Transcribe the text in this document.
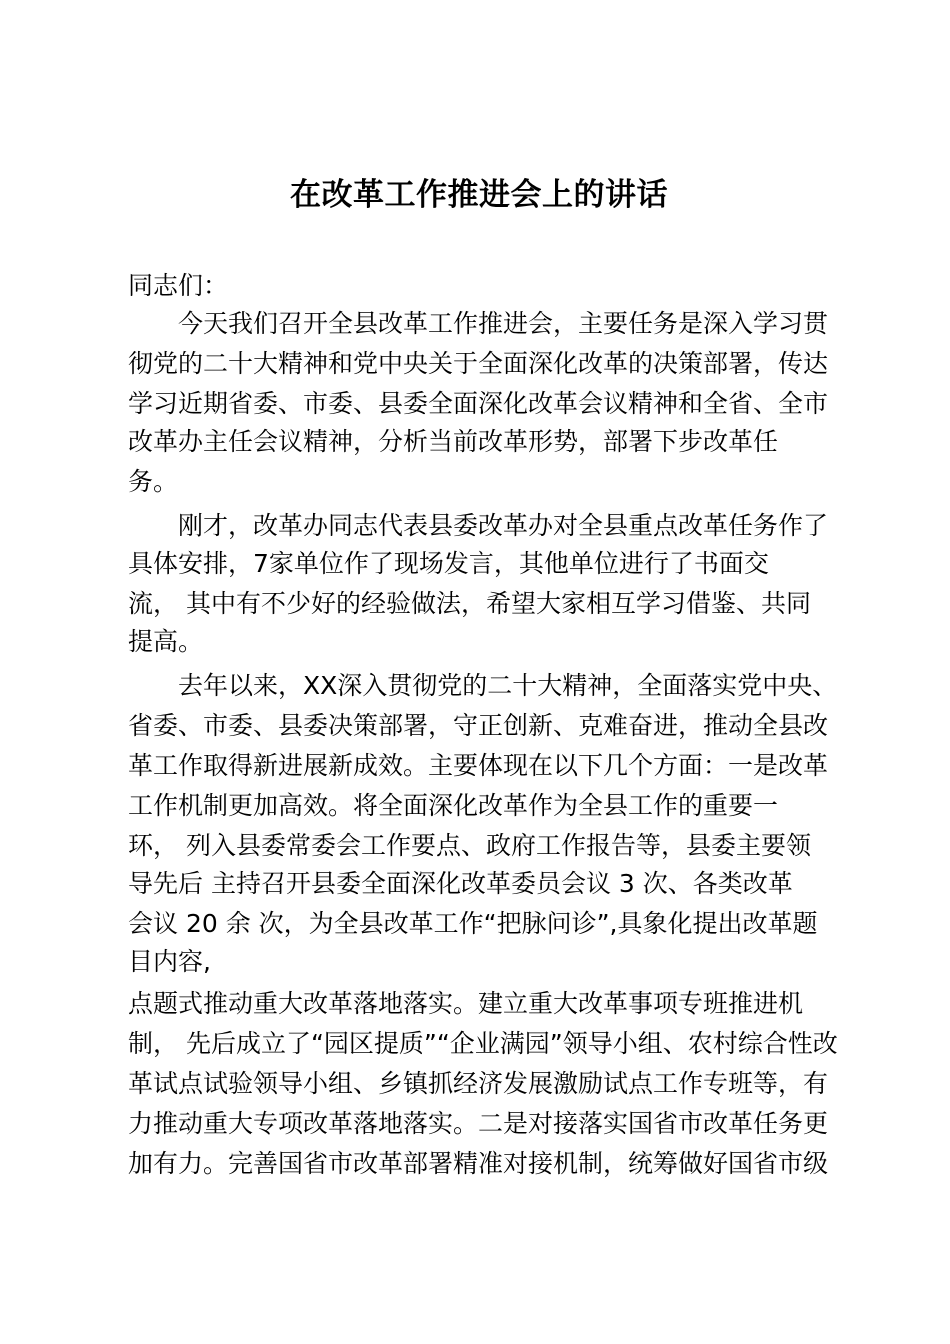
在改革工作推进会上的讲话
同志们：
今天我们召开全县改革工作推进会，主要任务是深入学习贯
彻党的二十大精神和党中央关于全面深化改革的决策部署，传达
学习近期省委、市委、县委全面深化改革会议精神和全省、全市
改革办主任会议精神，分析当前改革形势，部署下步改革任
务。
刚才，改革办同志代表县委改革办对全县重点改革任务作了
具体安排，7家单位作了现场发言，其他单位进行了书面交
流， 其中有不少好的经验做法，希望大家相互学习借鉴、共同
提高。
去年以来，XX深入贯彻党的二十大精神，全面落实党中央、
省委、市委、县委决策部署，守正创新、克难奋进，推动全县改
革工作取得新进展新成效。主要体现在以下几个方面：一是改革
工作机制更加高效。将全面深化改革作为全县工作的重要一
环， 列入县委常委会工作要点、政府工作报告等，县委主要领
导先后 主持召开县委全面深化改革委员会议 3 次、各类改革
会议 20 余 次，为全县改革工作“把脉问诊”,具象化提出改革题
目内容,
点题式推动重大改革落地落实。建立重大改革事项专班推进机
制， 先后成立了“园区提质”“企业满园”领导小组、农村综合性改
革试点试验领导小组、乡镇抓经济发展激励试点工作专班等，有
力推动重大专项改革落地落实。二是对接落实国省市改革任务更
加有力。完善国省市改革部署精准对接机制，统筹做好国省市级
